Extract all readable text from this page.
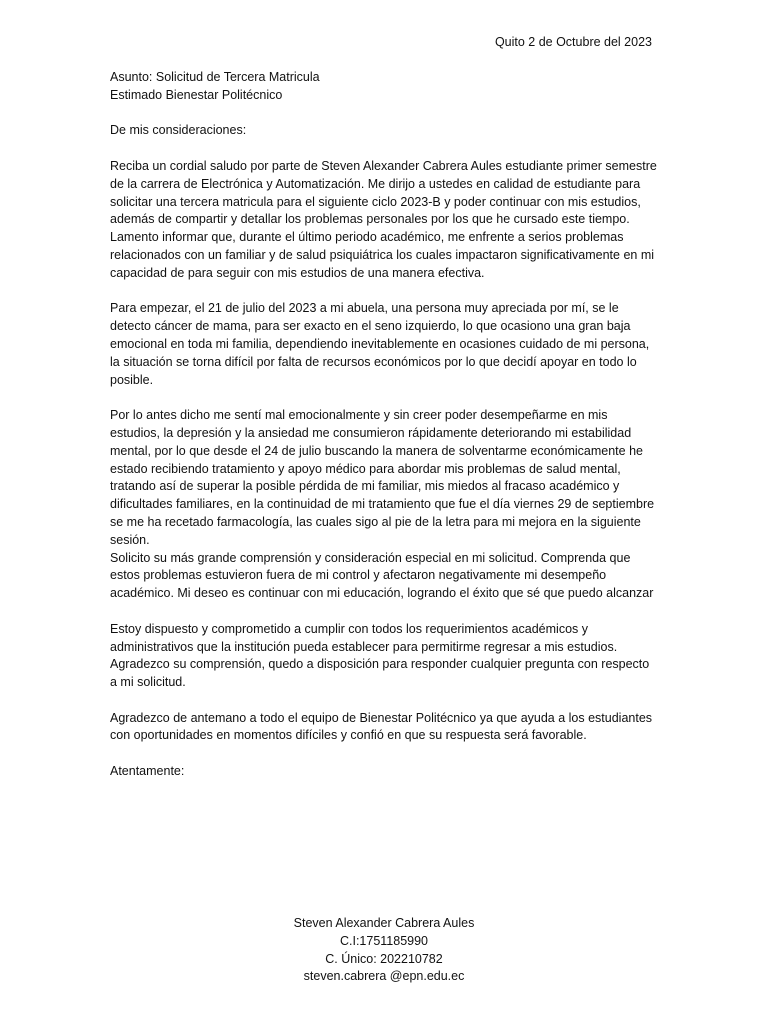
Quito 2 de Octubre del 2023

Asunto: Solicitud de Tercera Matricula

Estimado Bienestar Politécnico

De mis consideraciones:

Reciba un cordial saludo por parte de Steven Alexander Cabrera Aules estudiante primer semestre de la carrera de Electrónica y Automatización. Me dirijo a ustedes en calidad de estudiante para solicitar una tercera matricula para el siguiente ciclo 2023-B y poder continuar con mis estudios, además de compartir y detallar los problemas personales por los que he cursado este tiempo.

Lamento informar que, durante el último periodo académico, me enfrente a serios problemas relacionados con un familiar y de salud psiquiátrica los cuales impactaron significativamente en mi capacidad de para seguir con mis estudios de una manera efectiva.

Para empezar, el 21 de julio del 2023 a mi abuela, una persona muy apreciada por mí, se le detecto cáncer de mama, para ser exacto en el seno izquierdo, lo que ocasiono una gran baja emocional en toda mi familia, dependiendo inevitablemente en ocasiones cuidado de mi persona, la situación se torna difícil por falta de recursos económicos por lo que decidí apoyar en todo lo posible.

Por lo antes dicho me sentí mal emocionalmente y sin creer poder desempeñarme en mis estudios, la depresión y la ansiedad me consumieron rápidamente deteriorando mi estabilidad mental, por lo que desde el 24 de julio buscando la manera de solventarme económicamente he estado recibiendo tratamiento y apoyo médico para abordar mis problemas de salud mental, tratando así de superar la posible pérdida de mi familiar, mis miedos al fracaso académico y dificultades familiares, en la continuidad de mi tratamiento que fue el día viernes 29 de septiembre se me ha recetado farmacología, las cuales sigo al pie de la letra para mi mejora en la siguiente sesión.

Solicito su más grande comprensión y consideración especial en mi solicitud. Comprenda que estos problemas estuvieron fuera de mi control y afectaron negativamente mi desempeño académico. Mi deseo es continuar con mi educación, logrando el éxito que sé que puedo alcanzar

Estoy dispuesto y comprometido a cumplir con todos los requerimientos académicos y administrativos que la institución pueda establecer para permitirme regresar a mis estudios. Agradezco su comprensión, quedo a disposición para responder cualquier pregunta con respecto a mi solicitud.

Agradezco de antemano a todo el equipo de Bienestar Politécnico ya que ayuda a los estudiantes con oportunidades en momentos difíciles y confió en que su respuesta será favorable.

Atentamente:

Steven Alexander Cabrera Aules
C.I:1751185990
C. Único: 202210782
steven.cabrera @epn.edu.ec
